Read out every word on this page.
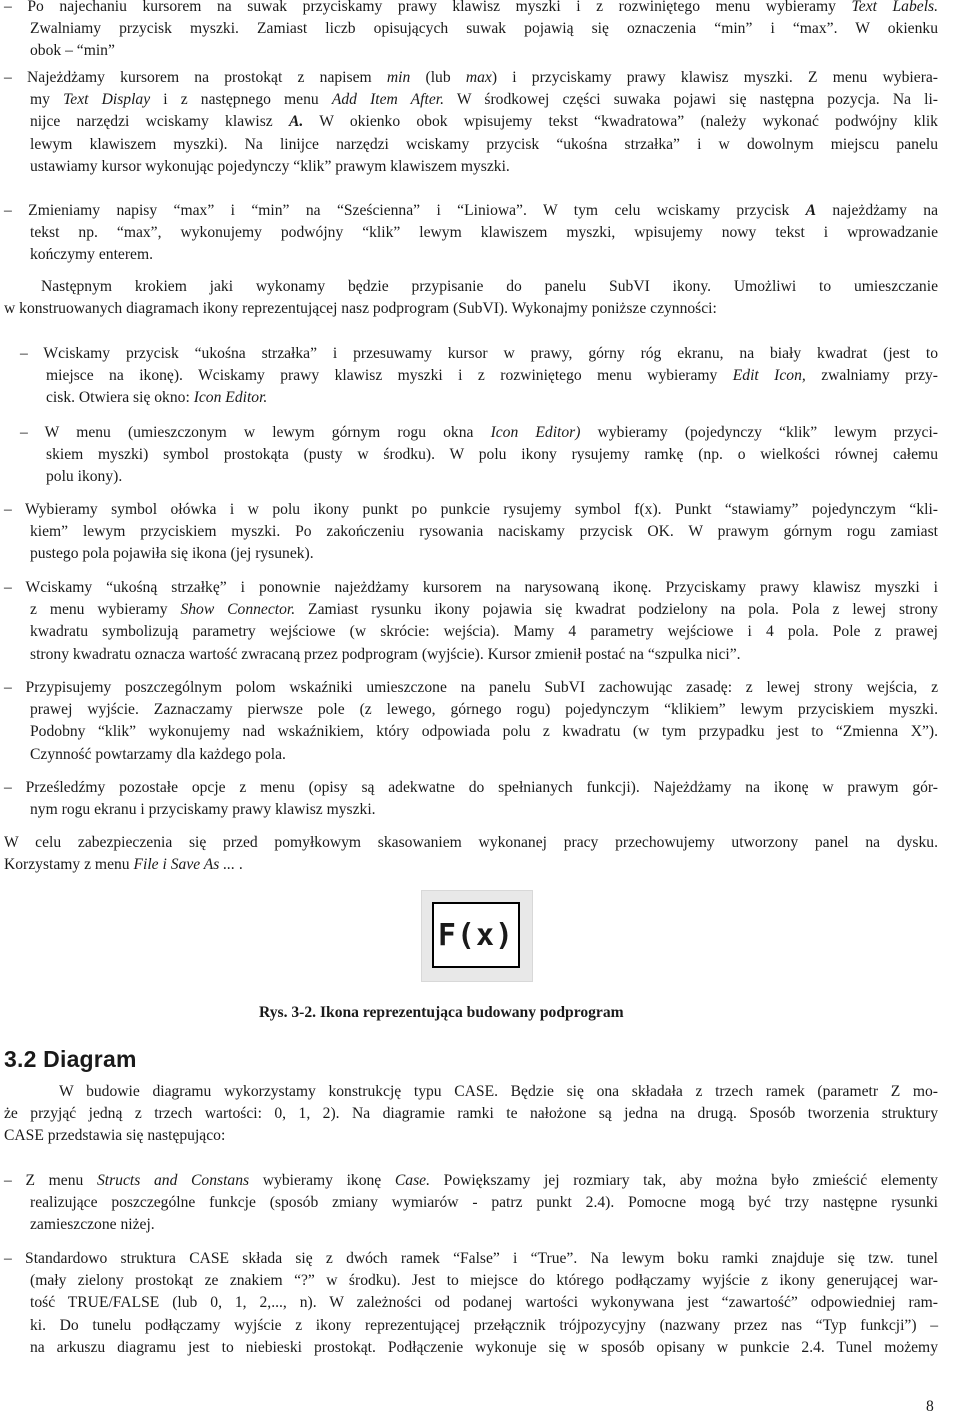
– Po najechaniu kursorem na suwak przyciskamy prawy klawisz myszki i z rozwiniętego menu wybieramy Text Labels.
Zwalniamy przycisk myszki. Zamiast liczb opisujących suwak pojawią się oznaczenia “min” i “max”. W okienku
obok – “min”
– Najeżdżamy kursorem na prostokąt z napisem min (lub max) i przyciskamy prawy klawisz myszki. Z menu wybiera-
my Text Display i z następnego menu Add Item After. W środkowej części suwaka pojawi się następna pozycja. Na li-
nijce narzędzi wciskamy klawisz A. W okienko obok wpisujemy tekst “kwadratowa” (należy wykonać podwójny klik
lewym klawiszem myszki). Na linijce narzędzi wciskamy przycisk “ukośna strzałka” i w dowolnym miejscu panelu
ustawiamy kursor wykonując pojedynczy “klik” prawym klawiszem myszki.
– Zmieniamy napisy “max” i “min” na “Sześcienna” i “Liniowa”. W tym celu wciskamy przycisk A najeżdżamy na
tekst np. “max”, wykonujemy podwójny “klik” lewym klawiszem myszki, wpisujemy nowy tekst i wprowadzanie
kończymy enterem.
Następnym krokiem jaki wykonamy będzie przypisanie do panelu SubVI ikony. Umożliwi to umieszczanie
w konstruowanych diagramach ikony reprezentującej nasz podprogram (SubVI). Wykonajmy poniższe czynności:
– Wciskamy przycisk “ukośna strzałka” i przesuwamy kursor w prawy, górny róg ekranu, na biały kwadrat (jest to
miejsce na ikonę). Wciskamy prawy klawisz myszki i z rozwiniętego menu wybieramy Edit Icon, zwalniamy przy-
cisk. Otwiera się okno: Icon Editor.
– W menu (umieszczonym w lewym górnym rogu okna Icon Editor) wybieramy (pojedynczy “klik” lewym przyci-
skiem myszki) symbol prostokąta (pusty w środku). W polu ikony rysujemy ramkę (np. o wielkości równej całemu
polu ikony).
– Wybieramy symbol ołówka i w polu ikony punkt po punkcie rysujemy symbol f(x). Punkt “stawiamy” pojedynczym “kli-
kiem” lewym przyciskiem myszki. Po zakończeniu rysowania naciskamy przycisk OK. W prawym górnym rogu zamiast
pustego pola pojawiła się ikona (jej rysunek).
– Wciskamy “ukośną strzałkę” i ponownie najeżdżamy kursorem na narysowaną ikonę. Przyciskamy prawy klawisz myszki i
z menu wybieramy Show Connector. Zamiast rysunku ikony pojawia się kwadrat podzielony na pola. Pola z lewej strony
kwadratu symbolizują parametry wejściowe (w skrócie: wejścia). Mamy 4 parametry wejściowe i 4 pola. Pole z prawej
strony kwadratu oznacza wartość zwracaną przez podprogram (wyjście). Kursor zmienił postać na “szpulka nici”.
– Przypisujemy poszczególnym polom wskaźniki umieszczone na panelu SubVI zachowując zasadę: z lewej strony wejścia, z
prawej wyjście. Zaznaczamy pierwsze pole (z lewego, górnego rogu) pojedynczym “klikiem” lewym przyciskiem myszki.
Podobny “klik” wykonujemy nad wskaźnikiem, który odpowiada polu z kwadratu (w tym przypadku jest to “Zmienna X”).
Czynność powtarzamy dla każdego pola.
– Prześledźmy pozostałe opcje z menu (opisy są adekwatne do spełnianych funkcji). Najeżdżamy na ikonę w prawym gór-
nym rogu ekranu i przyciskamy prawy klawisz myszki.
W celu zabezpieczenia się przed pomyłkowym skasowaniem wykonanej pracy przechowujemy utworzony panel na dysku.
Korzystamy z menu File i Save As ... .
F(x)
Rys. 3-2. Ikona reprezentująca budowany podprogram
3.2 Diagram
W budowie diagramu wykorzystamy konstrukcję typu CASE. Będzie się ona składała z trzech ramek (parametr Z mo-
że przyjąć jedną z trzech wartości: 0, 1, 2). Na diagramie ramki te nałożone są jedna na drugą. Sposób tworzenia struktury
CASE przedstawia się następująco:
– Z menu Structs and Constans wybieramy ikonę Case. Powiększamy jej rozmiary tak, aby można było zmieścić elementy
realizujące poszczególne funkcje (sposób zmiany wymiarów - patrz punkt 2.4). Pomocne mogą być trzy następne rysunki
zamieszczone niżej.
– Standardowo struktura CASE składa się z dwóch ramek “False” i “True”. Na lewym boku ramki znajduje się tzw. tunel
(mały zielony prostokąt ze znakiem “?” w środku). Jest to miejsce do którego podłączamy wyjście z ikony generującej war-
tość TRUE/FALSE (lub 0, 1, 2,..., n). W zależności od podanej wartości wykonywana jest “zawartość” odpowiedniej ram-
ki. Do tunelu podłączamy wyjście z ikony reprezentującej przełącznik trójpozycyjny (nazwany przez nas “Typ funkcji”) –
na arkuszu diagramu jest to niebieski prostokąt. Podłączenie wykonuje się w sposób opisany w punkcie 2.4. Tunel możemy
8
